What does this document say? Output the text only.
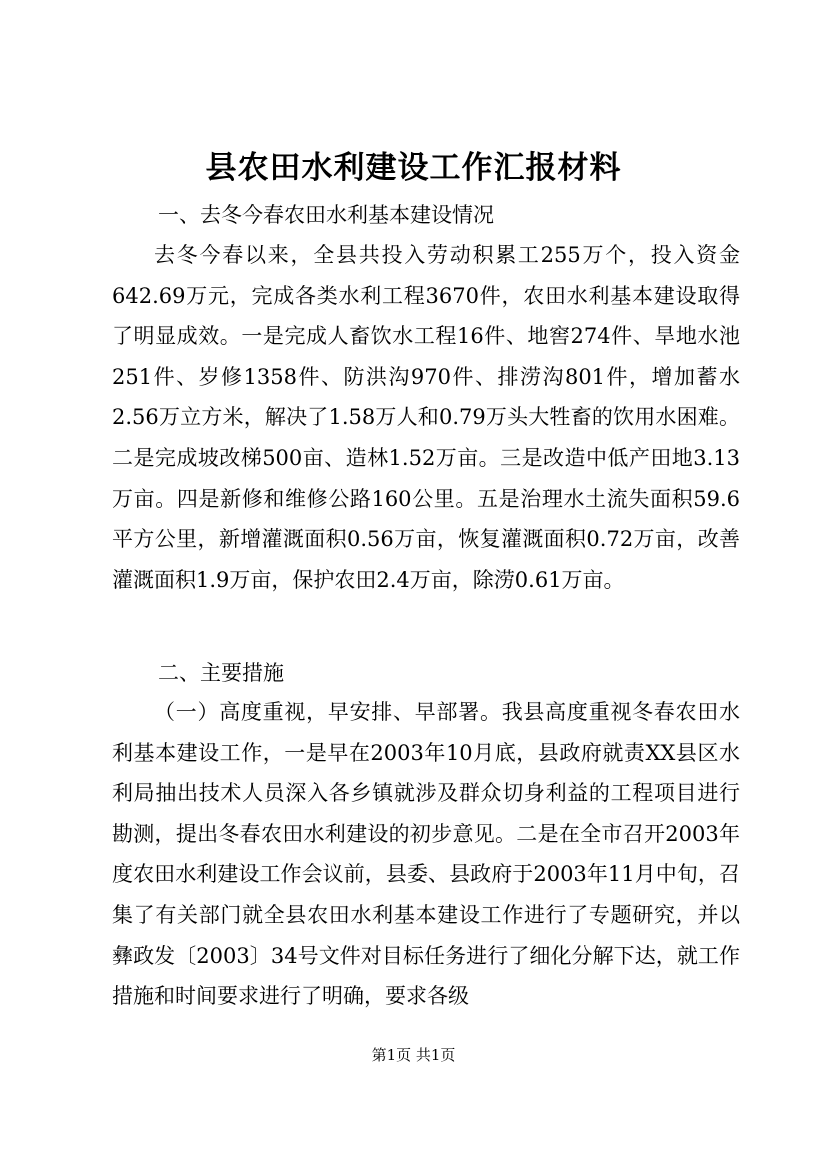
县农田水利建设工作汇报材料
一、去冬今春农田水利基本建设情况

去冬今春以来，全县共投入劳动积累工255万个，投入资金642.69万元，完成各类水利工程3670件，农田水利基本建设取得了明显成效。一是完成人畜饮水工程16件、地窖274件、旱地水池251件、岁修1358件、防洪沟970件、排涝沟801件，增加蓄水2.56万立方米，解决了1.58万人和0.79万头大牲畜的饮用水困难。二是完成坡改梯500亩、造林1.52万亩。三是改造中低产田地3.13万亩。四是新修和维修公路160公里。五是治理水土流失面积59.6平方公里，新增灌溉面积0.56万亩，恢复灌溉面积0.72万亩，改善灌溉面积1.9万亩，保护农田2.4万亩，除涝0.61万亩。

二、主要措施

（一）高度重视，早安排、早部署。我县高度重视冬春农田水利基本建设工作，一是早在2003年10月底，县政府就责XX县区水利局抽出技术人员深入各乡镇就涉及群众切身利益的工程项目进行勘测，提出冬春农田水利建设的初步意见。二是在全市召开2003年度农田水利建设工作会议前，县委、县政府于2003年11月中旬，召集了有关部门就全县农田水利基本建设工作进行了专题研究，并以彝政发〔2003〕34号文件对目标任务进行了细化分解下达，就工作措施和时间要求进行了明确，要求各级

第1页 共1页
